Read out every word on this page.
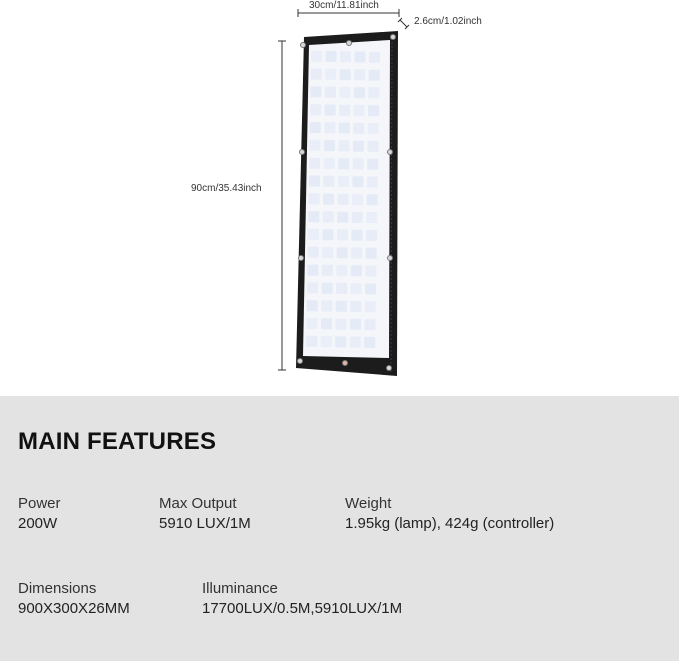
30cm/11.81inch
2.6cm/1.02inch
90cm/35.43inch
MAIN FEATURES
Power
200W
Max Output
5910 LUX/1M
Weight
1.95kg (lamp), 424g (controller)
Dimensions
900X300X26MM
Illuminance
17700LUX/0.5M,5910LUX/1M
